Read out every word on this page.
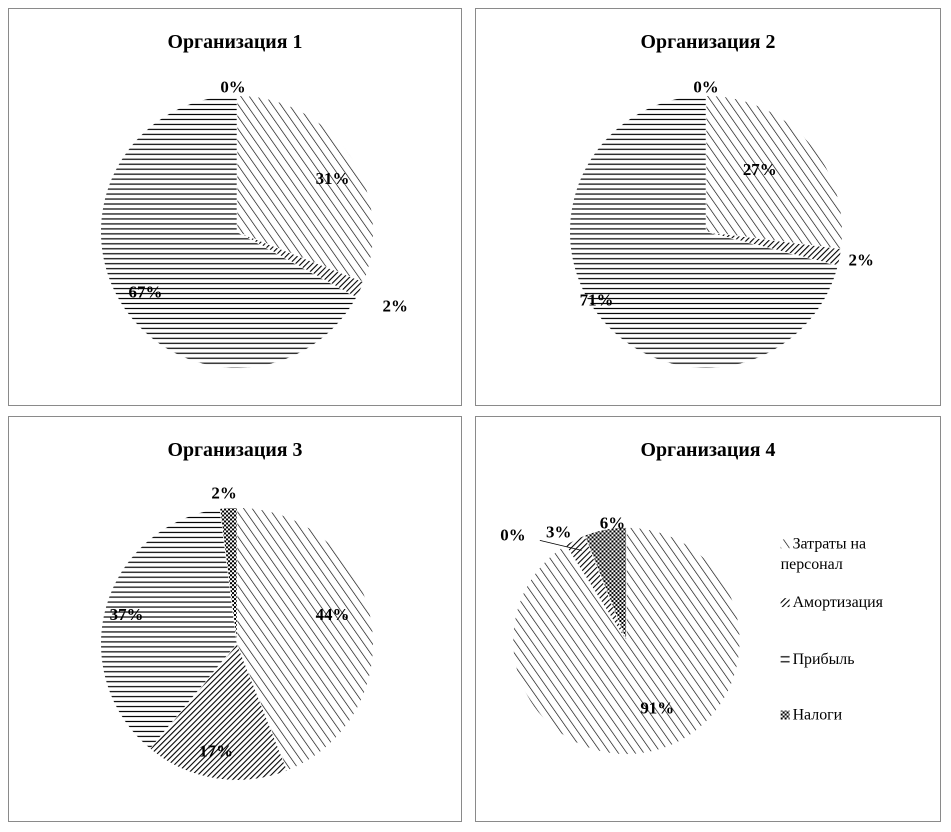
Организация 1
31%
2%
67%
0%
Организация 2
27%
2%
71%
0%
Организация 3
44%
17%
37%
2%
Организация 4
91%
3% 6%
0%	Затраты на персонал
Амортизация
Прибыль
Налоги
